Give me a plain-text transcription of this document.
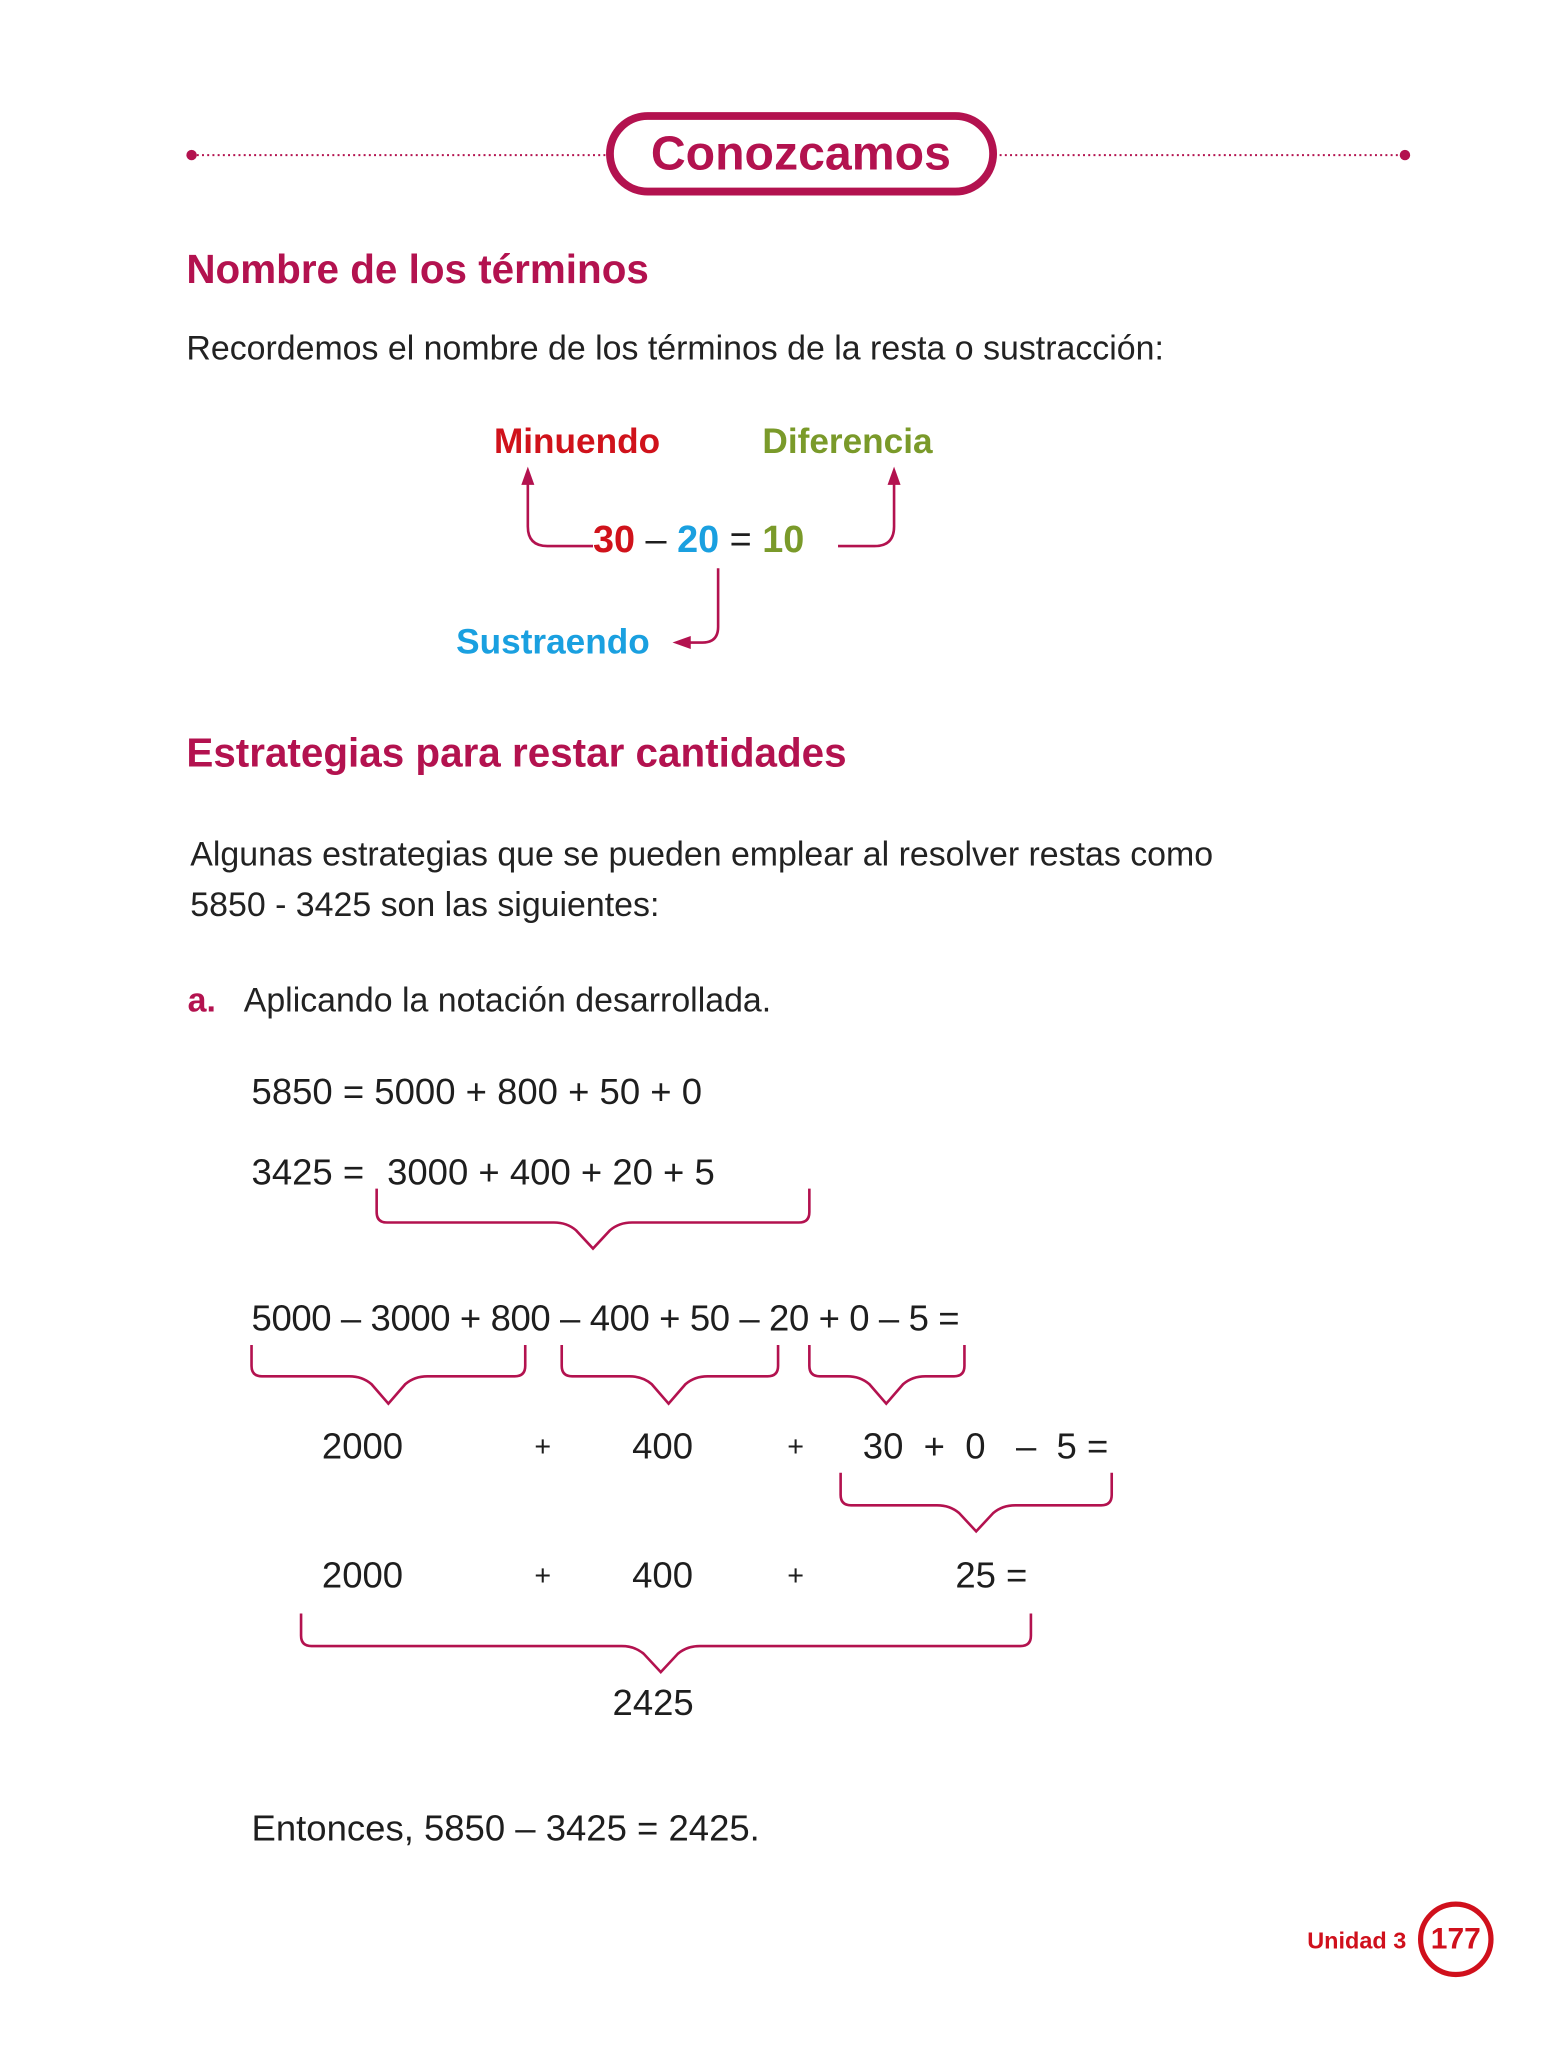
Conozcamos
Nombre de los términos
Recordemos el nombre de los términos de la resta o sustracción:
Minuendo	Diferencia
30 – 20 = 10
Sustraendo
Estrategias para restar cantidades
Algunas estrategias que se pueden emplear al resolver restas como
5850 - 3425 son las siguientes:
a. Aplicando la notación desarrollada.
5850 = 5000 + 800 + 50 + 0
3425 = 3000 + 400 + 20 + 5
5000 – 3000 + 800 – 400 + 50 – 20 + 0 – 5 =
2000	+	400	+ 30  +  0   –  5 =
2000	+	400	+	25 =
2425
Entonces, 5850 – 3425 = 2425.
Unidad 3	177
